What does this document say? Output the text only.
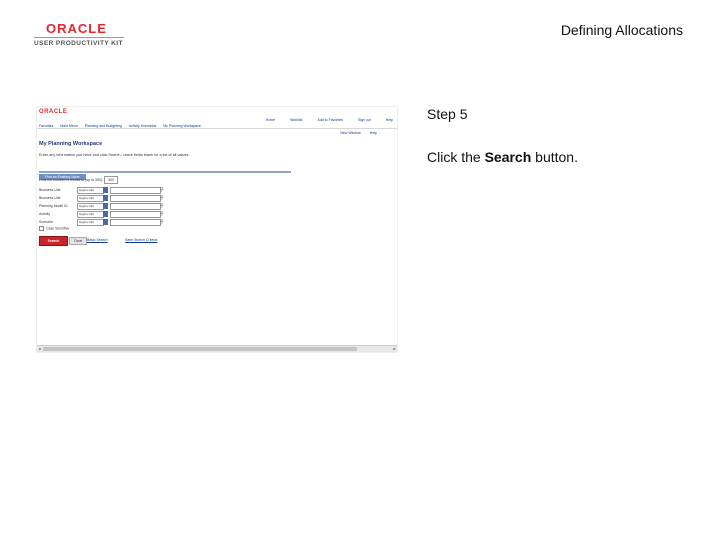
ORACLE
USER PRODUCTIVITY KIT
Defining Allocations
ORACLE
Home	Worklist	Add to Favorites	Sign out	Help
Favorites Main Menu Planning and Budgeting Activity Scenarios My Planning Workspace
New Window	Help
My Planning Workspace
Enter any information you have and click Search. Leave fields blank for a list of all values.
Find an Existing Value
Limit the number of results to (up to 300): 300
Business Unit	begins with	⚲
Business Unit	begins with	⚲
Planning Model ID	begins with	⚲
Activity	begins with	⚲
Scenario	begins with	⚲
Case Sensitive
Search	Clear	Basic Search	Save Search Criteria
◂	▸
Step 5
Click the Search button.
